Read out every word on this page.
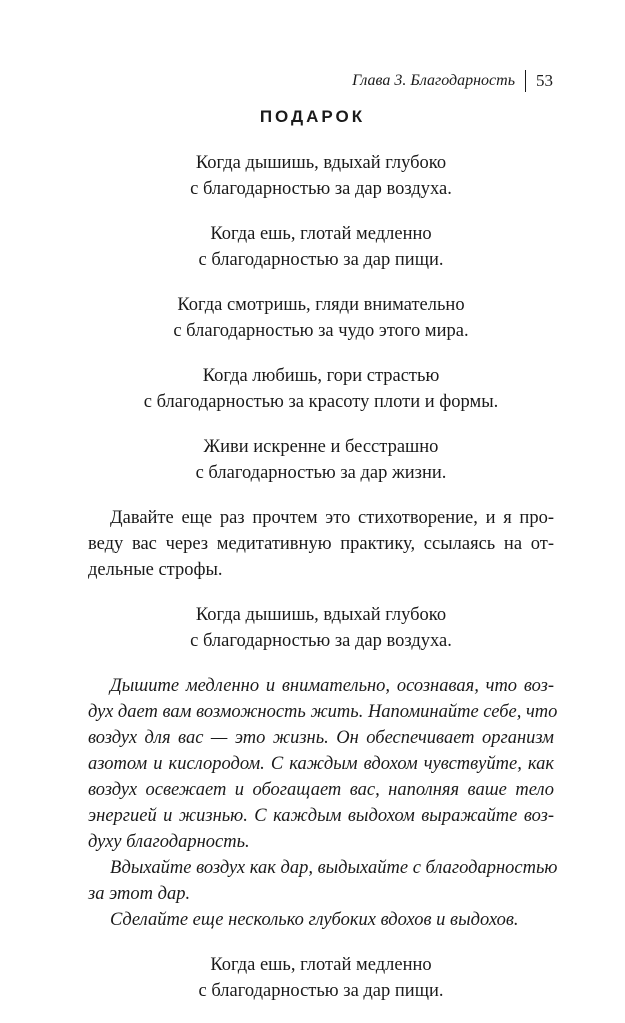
Глава 3. Благодарность 53
ПОДАРОК
Когда дышишь, вдыхай глубоко
с благодарностью за дар воздуха.
Когда ешь, глотай медленно
с благодарностью за дар пищи.
Когда смотришь, гляди внимательно
с благодарностью за чудо этого мира.
Когда любишь, гори страстью
с благодарностью за красоту плоти и формы.
Живи искренне и бесстрашно
с благодарностью за дар жизни.
Давайте еще раз прочтем это стихотворение, и я про-
веду вас через медитативную практику, ссылаясь на от-
дельные строфы.
Когда дышишь, вдыхай глубоко
с благодарностью за дар воздуха.
Дышите медленно и внимательно, осознавая, что воз-
дух дает вам возможность жить. Напоминайте себе, что
воздух для вас — это жизнь. Он обеспечивает организм
азотом и кислородом. С каждым вдохом чувствуйте, как
воздух освежает и обогащает вас, наполняя ваше тело
энергией и жизнью. С каждым выдохом выражайте воз-
духу благодарность.
Вдыхайте воздух как дар, выдыхайте с благодарностью
за этот дар.
Сделайте еще несколько глубоких вдохов и выдохов.
Когда ешь, глотай медленно
с благодарностью за дар пищи.
